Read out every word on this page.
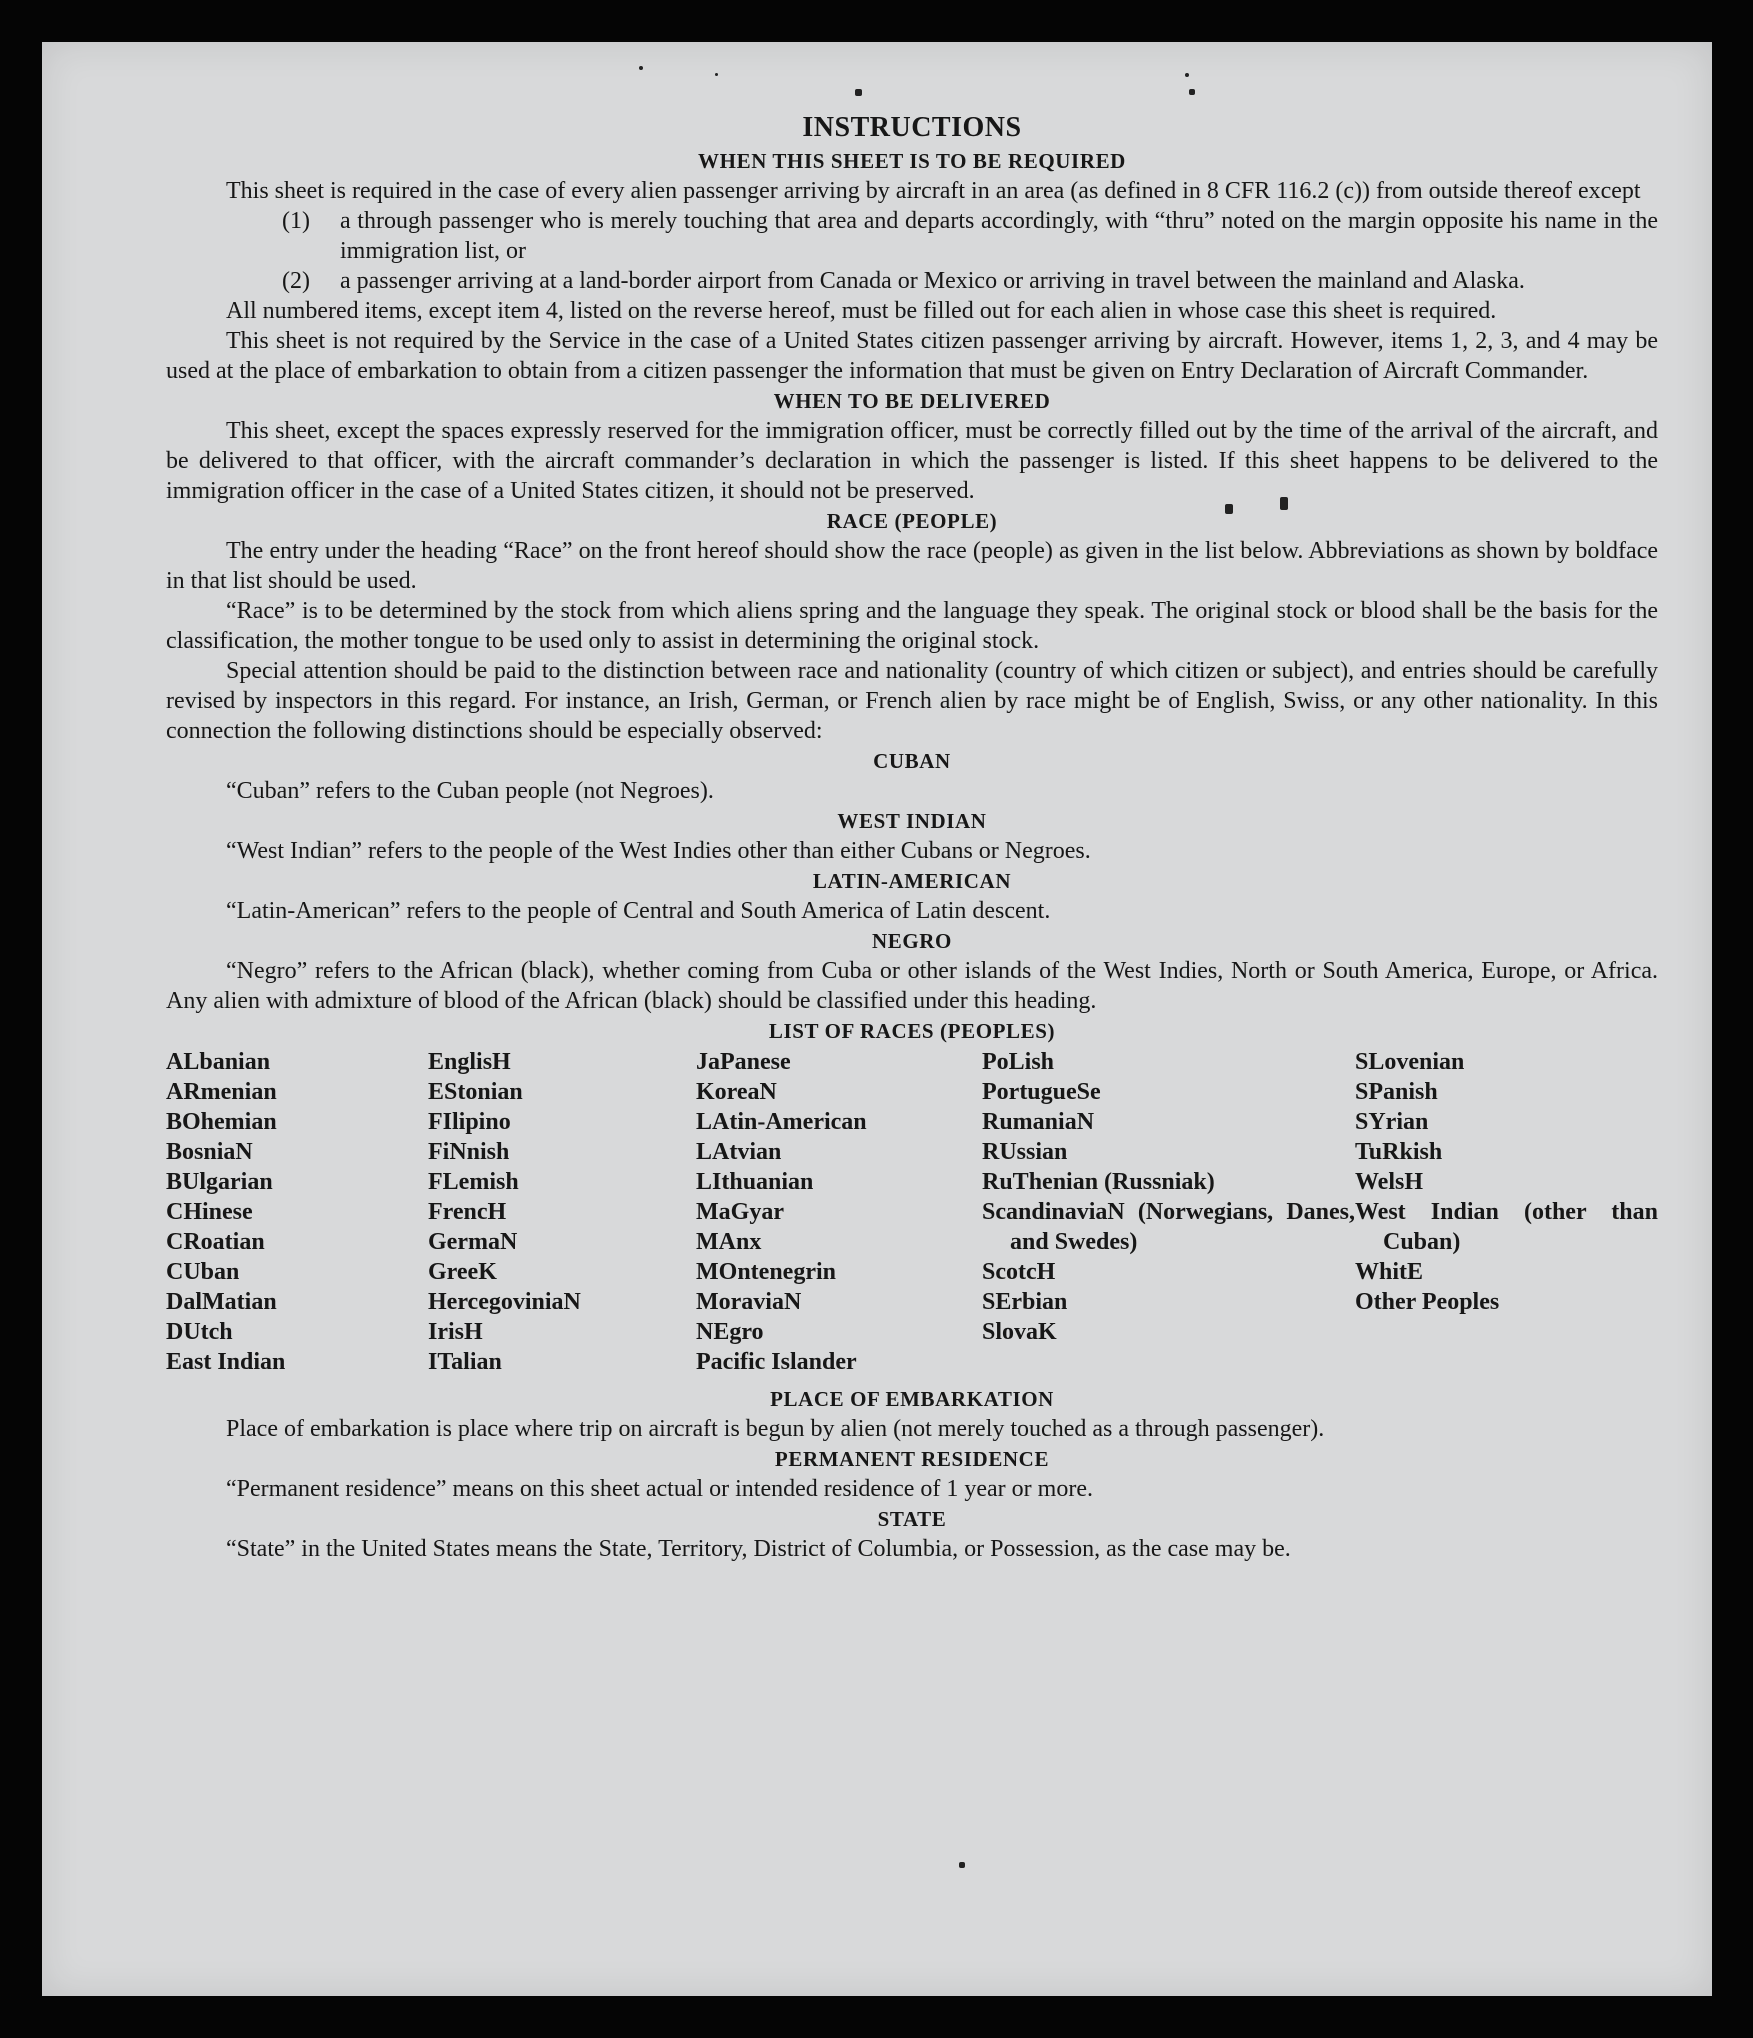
INSTRUCTIONS
WHEN THIS SHEET IS TO BE REQUIRED
This sheet is required in the case of every alien passenger arriving by aircraft in an area (as defined in 8 CFR 116.2 (c)) from outside thereof except
(1)	a through passenger who is merely touching that area and departs accordingly, with “thru” noted on the margin opposite his name in the immigration list, or
(2)	a passenger arriving at a land-border airport from Canada or Mexico or arriving in travel between the mainland and Alaska.
All numbered items, except item 4, listed on the reverse hereof, must be filled out for each alien in whose case this sheet is required.
This sheet is not required by the Service in the case of a United States citizen passenger arriving by aircraft. However, items 1, 2, 3, and 4 may be used at the place of embarkation to obtain from a citizen passenger the information that must be given on Entry Declaration of Aircraft Commander.
WHEN TO BE DELIVERED
This sheet, except the spaces expressly reserved for the immigration officer, must be correctly filled out by the time of the arrival of the aircraft, and be delivered to that officer, with the aircraft commander’s declaration in which the passenger is listed. If this sheet happens to be delivered to the immigration officer in the case of a United States citizen, it should not be preserved.
RACE (PEOPLE)
The entry under the heading “Race” on the front hereof should show the race (people) as given in the list below. Abbreviations as shown by boldface in that list should be used.
“Race” is to be determined by the stock from which aliens spring and the language they speak. The original stock or blood shall be the basis for the classification, the mother tongue to be used only to assist in determining the original stock.
Special attention should be paid to the distinction between race and nationality (country of which citizen or subject), and entries should be carefully revised by inspectors in this regard. For instance, an Irish, German, or French alien by race might be of English, Swiss, or any other nationality. In this connection the following distinctions should be especially observed:
CUBAN
“Cuban” refers to the Cuban people (not Negroes).
WEST INDIAN
“West Indian” refers to the people of the West Indies other than either Cubans or Negroes.
LATIN-AMERICAN
“Latin-American” refers to the people of Central and South America of Latin descent.
NEGRO
“Negro” refers to the African (black), whether coming from Cuba or other islands of the West Indies, North or South America, Europe, or Africa. Any alien with admixture of blood of the African (black) should be classified under this heading.
LIST OF RACES (PEOPLES)
ALbanian
ARmenian
BOhemian
BosniaN
BUlgarian
CHinese
CRoatian
CUban
DalMatian
DUtch
East Indian
EnglisH
EStonian
FIlipino
FiNnish
FLemish
FrencH
GermaN
GreeK
HercegoviniaN
IrisH
ITalian
JaPanese
KoreaN
LAtin-American
LAtvian
LIthuanian
MaGyar
MAnx
MOntenegrin
MoraviaN
NEgro
Pacific Islander
PoLish
PortugueSe
RumaniaN
RUssian
RuThenian (Russniak)
ScandinaviaN (Norwegians, Danes, and Swedes)
ScotcH
SErbian
SlovaK
SLovenian
SPanish
SYrian
TuRkish
WelsH
West Indian (other than Cuban)
WhitE
Other Peoples
PLACE OF EMBARKATION
Place of embarkation is place where trip on aircraft is begun by alien (not merely touched as a through passenger).
PERMANENT RESIDENCE
“Permanent residence” means on this sheet actual or intended residence of 1 year or more.
STATE
“State” in the United States means the State, Territory, District of Columbia, or Possession, as the case may be.
